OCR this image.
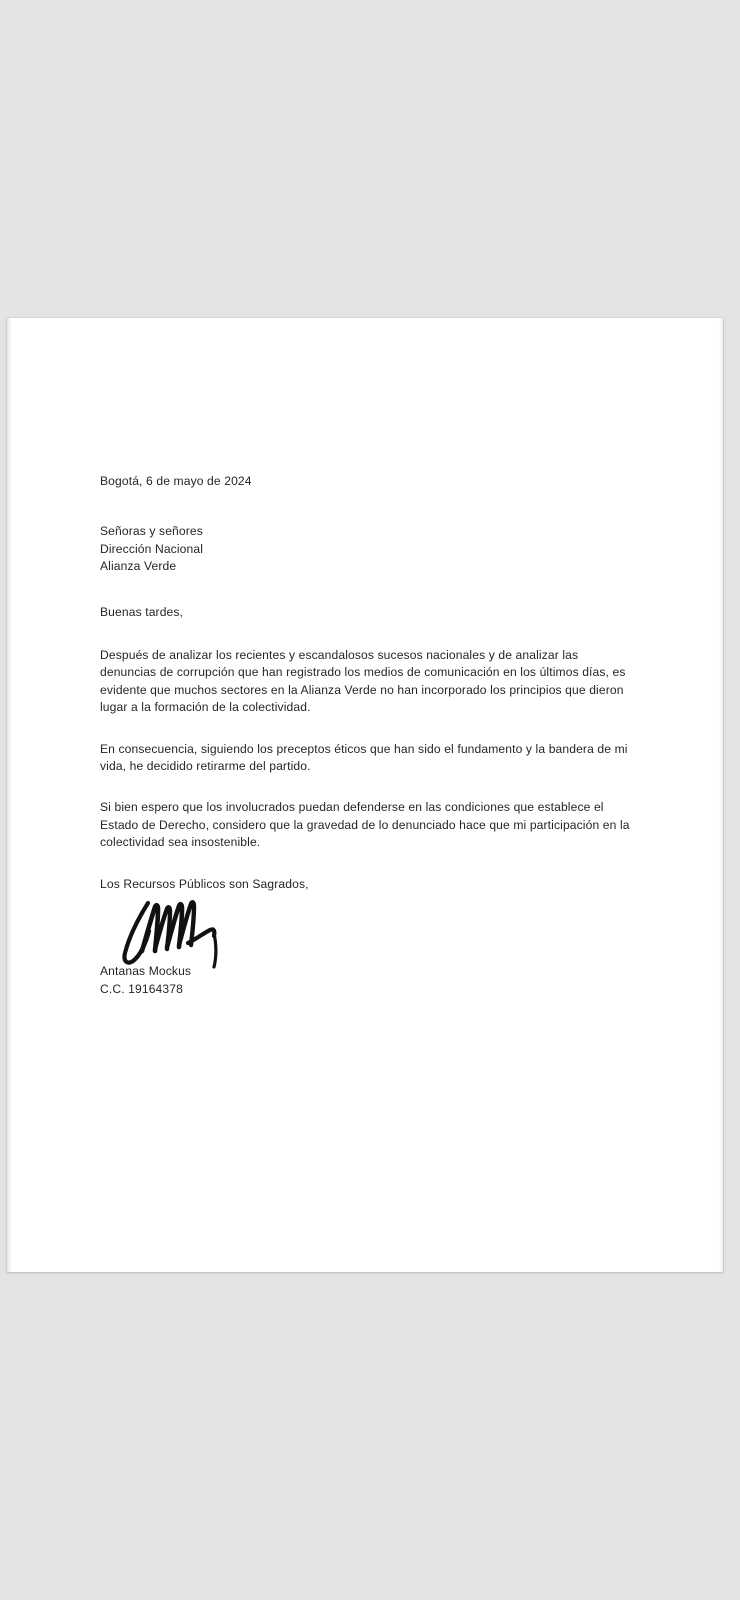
Bogotá, 6 de mayo de 2024
Señoras y señores
Dirección Nacional
Alianza Verde
Buenas tardes,

Después de analizar los recientes y escandalosos sucesos nacionales y de analizar las denuncias de corrupción que han registrado los medios de comunicación en los últimos días, es evidente que muchos sectores en la Alianza Verde no han incorporado los principios que dieron lugar a la formación de la colectividad.

En consecuencia, siguiendo los preceptos éticos que han sido el fundamento y la bandera de mi vida, he decidido retirarme del partido.

Si bien espero que los involucrados puedan defenderse en las condiciones que establece el Estado de Derecho, considero que la gravedad de lo denunciado hace que mi participación en la colectividad sea insostenible.

Los Recursos Públicos son Sagrados,
Antanas Mockus
C.C. 19164378
